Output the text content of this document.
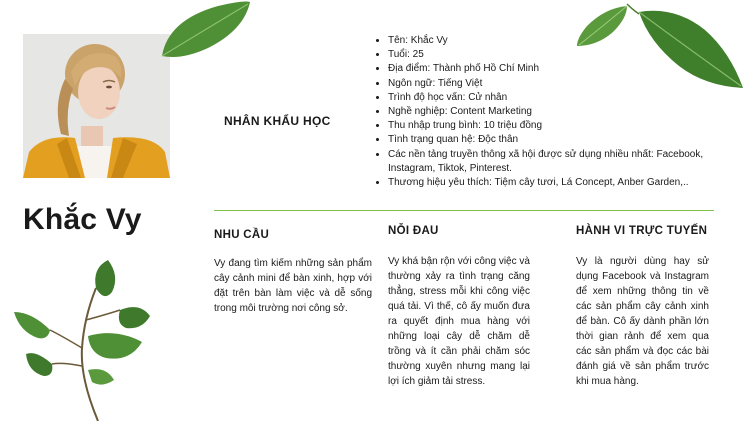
Khắc Vy
NHÂN KHẨU HỌC
• Tên: Khắc Vy
• Tuổi: 25
• Địa điểm: Thành phố Hồ Chí Minh
• Ngôn ngữ: Tiếng Việt
• Trình độ học vấn: Cử nhân
• Nghề nghiệp: Content Marketing
• Thu nhập trung bình: 10 triệu đồng
• Tình trạng quan hệ: Độc thân
• Các nền tảng truyền thông xã hội được sử dụng nhiều nhất: Facebook, Instagram, Tiktok, Pinterest.
• Thương hiệu yêu thích: Tiệm cây tươi, Lá Concept, Anber Garden,..
NHU CẦU

Vy đang tìm kiếm những sản phẩm cây cảnh mini để bàn xinh, hợp với đặt trên bàn làm việc và dễ sống trong môi trường nơi công sở.

NỖI ĐAU

Vy khá bận rộn với công việc và thường xảy ra tình trạng căng thẳng, stress mỗi khi công việc quá tải. Vì thế, cô ấy muốn đưa ra quyết định mua hàng với những loại cây dễ chăm dễ trồng và ít cần phải chăm sóc thường xuyên nhưng mang lại lợi ích giảm tải stress.

HÀNH VI TRỰC TUYẾN

Vy là người dùng hay sử dụng Facebook và Instagram để xem những thông tin về các sản phẩm cây cảnh xinh để bàn. Cô ấy dành phần lớn thời gian rảnh để xem qua các sản phẩm và đọc các bài đánh giá về sản phẩm trước khi mua hàng.
